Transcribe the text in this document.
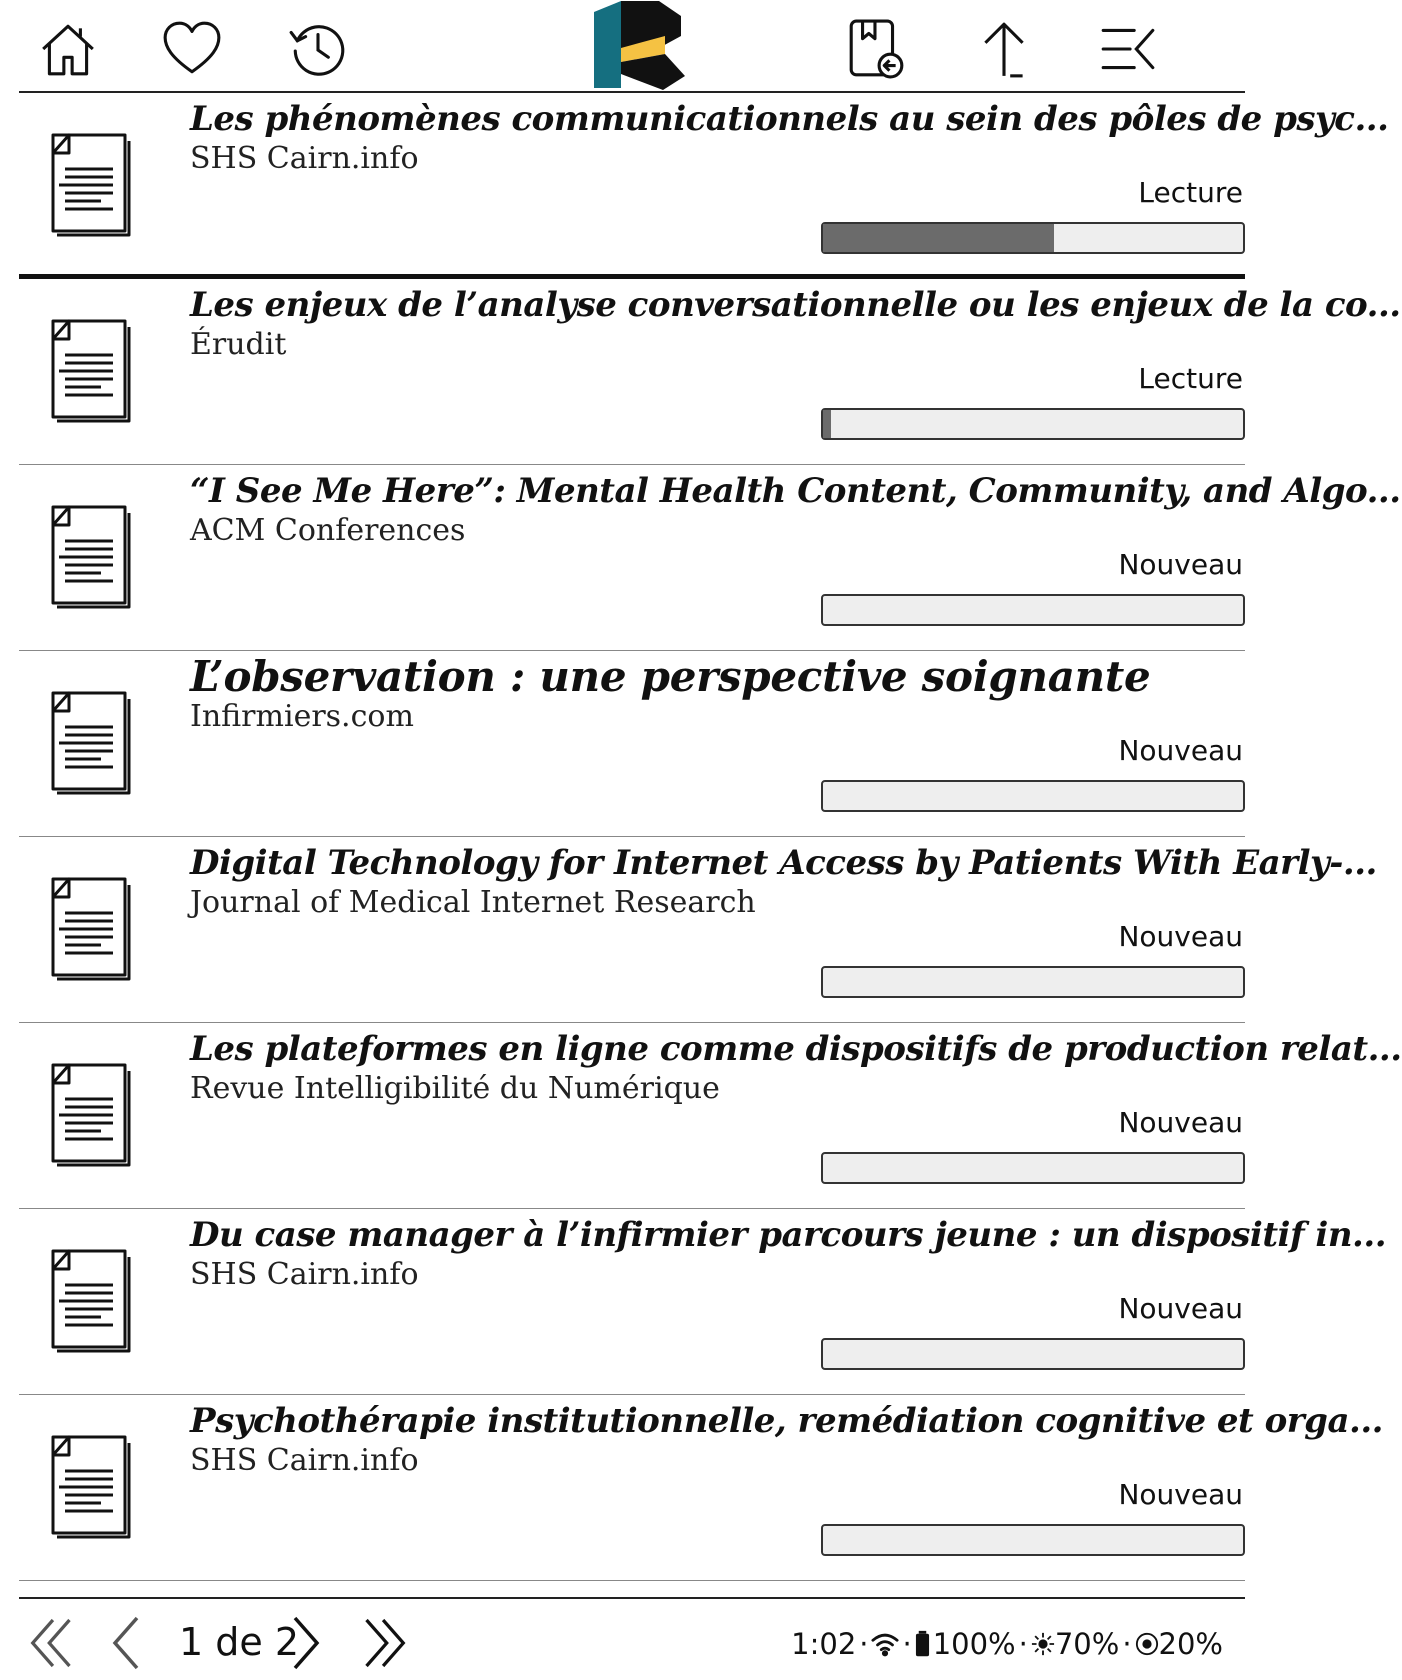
Les phénomènes communicationnels au sein des pôles de psyc...
SHS Cairn.info
Lecture
Les enjeux de l’analyse conversationnelle ou les enjeux de la co...
Érudit
Lecture
“I See Me Here”: Mental Health Content, Community, and Algo...
ACM Conferences
Nouveau
L’observation : une perspective soignante
Infirmiers.com
Nouveau
Digital Technology for Internet Access by Patients With Early-...
Journal of Medical Internet Research
Nouveau
Les plateformes en ligne comme dispositifs de production relat...
Revue Intelligibilité du Numérique
Nouveau
Du case manager à l’infirmier parcours jeune : un dispositif in...
SHS Cairn.info
Nouveau
Psychothérapie institutionnelle, remédiation cognitive et orga...
SHS Cairn.info
Nouveau
1 de 2	1:02 · · 100% · 70% · 20%
